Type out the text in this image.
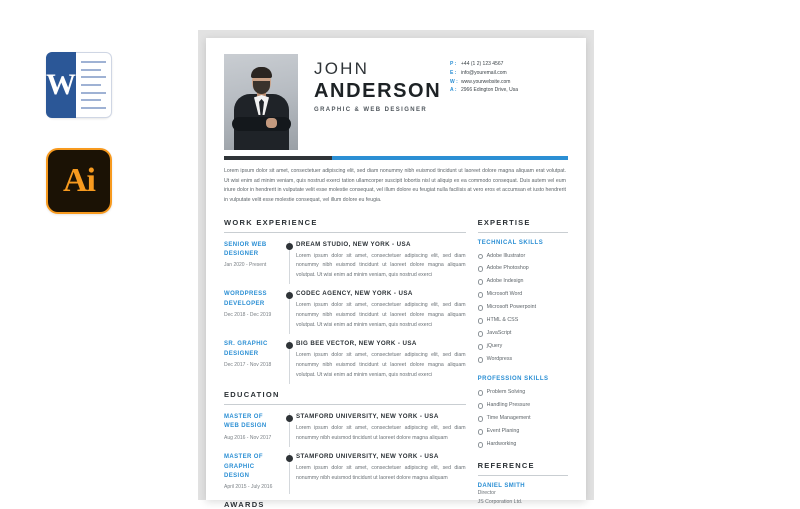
W
Ai
JOHN
ANDERSON
GRAPHIC & WEB DESIGNER
P : +44 (1 2) 123 4567
E : info@youremail.com
W : www.yourwebsite.com
A : 2966 Edington Drive, Usa
Lorem ipsum dolor sit amet, consectetuer adipiscing elit, sed diam nonummy nibh euismod tincidunt ut laoreet dolore magna aliquam erat volutpat. Ut wisi enim ad minim veniam, quis nostrud exerci tation ullamcorper suscipit lobortis nisl ut aliquip ex ea commodo consequat. Duis autem vel eum iriure dolor in hendrerit in vulputate velit esse molestie consequat, vel illum dolore eu feugiat nulla facilisis at vero eros et accumsan et iusto hendrerit in vulputate velit esse molestie consequat, vel illum dolore eu feugia.
WORK EXPERIENCE
SENIOR WEB DESIGNER
Jan 2020 - Present
DREAM STUDIO, NEW YORK - USA
Lorem ipsum dolor sit amet, consectetuer adipiscing elit, sed diam nonummy nibh euismod tincidunt ut laoreet dolore magna aliquam volutpat. Ut wisi enim ad minim veniam, quis nostrud exerci
WORDPRESS DEVELOPER
Dec 2018 - Dec 2019
CODEC AGENCY, NEW YORK - USA
Lorem ipsum dolor sit amet, consectetuer adipiscing elit, sed diam nonummy nibh euismod tincidunt ut laoreet dolore magna aliquam volutpat. Ut wisi enim ad minim veniam, quis nostrud exerci
SR. GRAPHIC DESIGNER
Dec 2017 - Nov 2018
BIG BEE VECTOR, NEW YORK - USA
Lorem ipsum dolor sit amet, consectetuer adipiscing elit, sed diam nonummy nibh euismod tincidunt ut laoreet dolore magna aliquam volutpat. Ut wisi enim ad minim veniam, quis nostrud exerci
EDUCATION
MASTER OF WEB DESIGN
Aug 2016 - Nov 2017
STAMFORD UNIVERSITY, NEW YORK - USA
Lorem ipsum dolor sit amet, consectetuer adipiscing elit, sed diam nonummy nibh euismod tincidunt ut laoreet dolore magna aliquam
MASTER OF GRAPHIC DESIGN
April 2015 - July 2016
STAMFORD UNIVERSITY, NEW YORK - USA
Lorem ipsum dolor sit amet, consectetuer adipiscing elit, sed diam nonummy nibh euismod tincidunt ut laoreet dolore magna aliquam
AWARDS
EXPERTISE
TECHNICAL SKILLS
Adobe Illustrator
Adobe Photoshop
Adobe Indesign
Microsoft Word
Microsoft Powerpoint
HTML & CSS
JavaScript
jQuery
Wordpress
PROFESSION SKILLS
Problem Solving
Handling Pressure
Time Management
Event Planing
Hardworking
REFERENCE
DANIEL SMITH
Director
JS Corporation Ltd.
